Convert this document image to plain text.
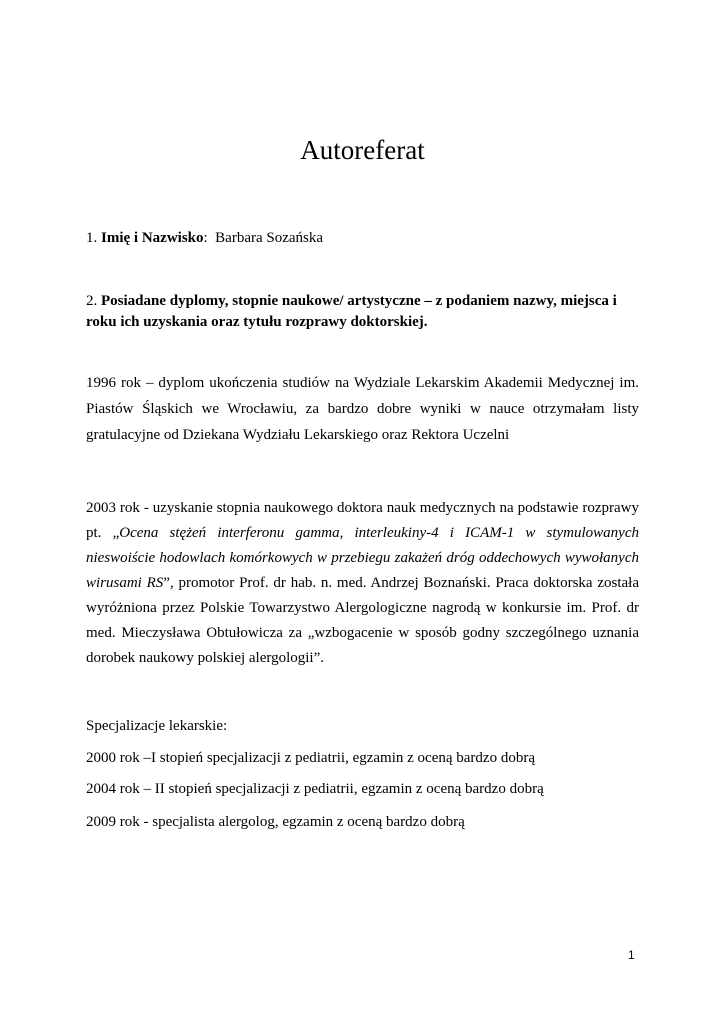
Autoreferat
1. Imię i Nazwisko: Barbara Sozańska

2. Posiadane dyplomy, stopnie naukowe/ artystyczne – z podaniem nazwy, miejsca i roku ich uzyskania oraz tytułu rozprawy doktorskiej.

1996 rok – dyplom ukończenia studiów na Wydziale Lekarskim Akademii Medycznej im. Piastów Śląskich we Wrocławiu, za bardzo dobre wyniki w nauce otrzymałam listy gratulacyjne od Dziekana Wydziału Lekarskiego oraz Rektora Uczelni

2003 rok - uzyskanie stopnia naukowego doktora nauk medycznych na podstawie rozprawy pt. „Ocena stężeń interferonu gamma, interleukiny-4 i ICAM-1 w stymulowanych nieswoiście hodowlach komórkowych w przebiegu zakażeń dróg oddechowych wywołanych wirusami RS”, promotor Prof. dr hab. n. med. Andrzej Boznański. Praca doktorska została wyróżniona przez Polskie Towarzystwo Alergologiczne nagrodą w konkursie im. Prof. dr med. Mieczysława Obtułowicza za „wzbogacenie w sposób godny szczególnego uznania dorobek naukowy polskiej alergologii”.

Specjalizacje lekarskie:
2000 rok –I stopień specjalizacji z pediatrii, egzamin z oceną bardzo dobrą
2004 rok – II stopień specjalizacji z pediatrii, egzamin z oceną bardzo dobrą
2009 rok - specjalista alergolog, egzamin z oceną bardzo dobrą
1
